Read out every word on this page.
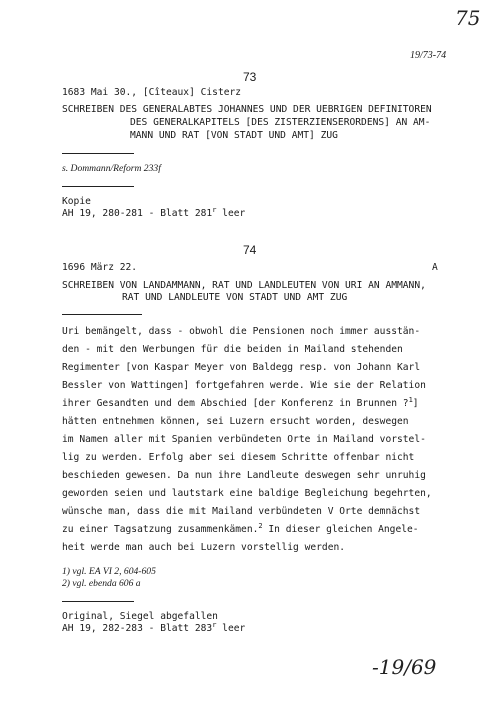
75
19/73-74
73
1683 Mai 30., [Cîteaux] Cisterz
SCHREIBEN DES GENERALABTES JOHANNES UND DER UEBRIGEN DEFINITOREN
DES GENERALKAPITELS [DES ZISTERZIENSERORDENS] AN AM-
MANN UND RAT [VON STADT UND AMT] ZUG
s. Dommann/Reform 233f
Kopie
AH 19, 280-281 - Blatt 281$^r$ leer
74
1696 März 22.	A
SCHREIBEN VON LANDAMMANN, RAT UND LANDLEUTEN VON URI AN AMMANN,
RAT UND LANDLEUTE VON STADT UND AMT ZUG
Uri bemängelt, dass - obwohl die Pensionen noch immer ausstän-
den - mit den Werbungen für die beiden in Mailand stehenden
Regimenter [von Kaspar Meyer von Baldegg resp. von Johann Karl
Bessler von Wattingen] fortgefahren werde. Wie sie der Relation
ihrer Gesandten und dem Abschied [der Konferenz in Brunnen ?$^1$]
hätten entnehmen können, sei Luzern ersucht worden, deswegen
im Namen aller mit Spanien verbündeten Orte in Mailand vorstel-
lig zu werden. Erfolg aber sei diesem Schritte offenbar nicht
beschieden gewesen. Da nun ihre Landleute deswegen sehr unruhig
geworden seien und lautstark eine baldige Begleichung begehrten,
wünsche man, dass die mit Mailand verbündeten V Orte demnächst
zu einer Tagsatzung zusammenkämen.$^2$ In dieser gleichen Angele-
heit werde man auch bei Luzern vorstellig werden.
1) vgl. EA VI 2, 604-605
2) vgl. ebenda 606 a
Original, Siegel abgefallen
AH 19, 282-283 - Blatt 283$^r$ leer
-19/69
